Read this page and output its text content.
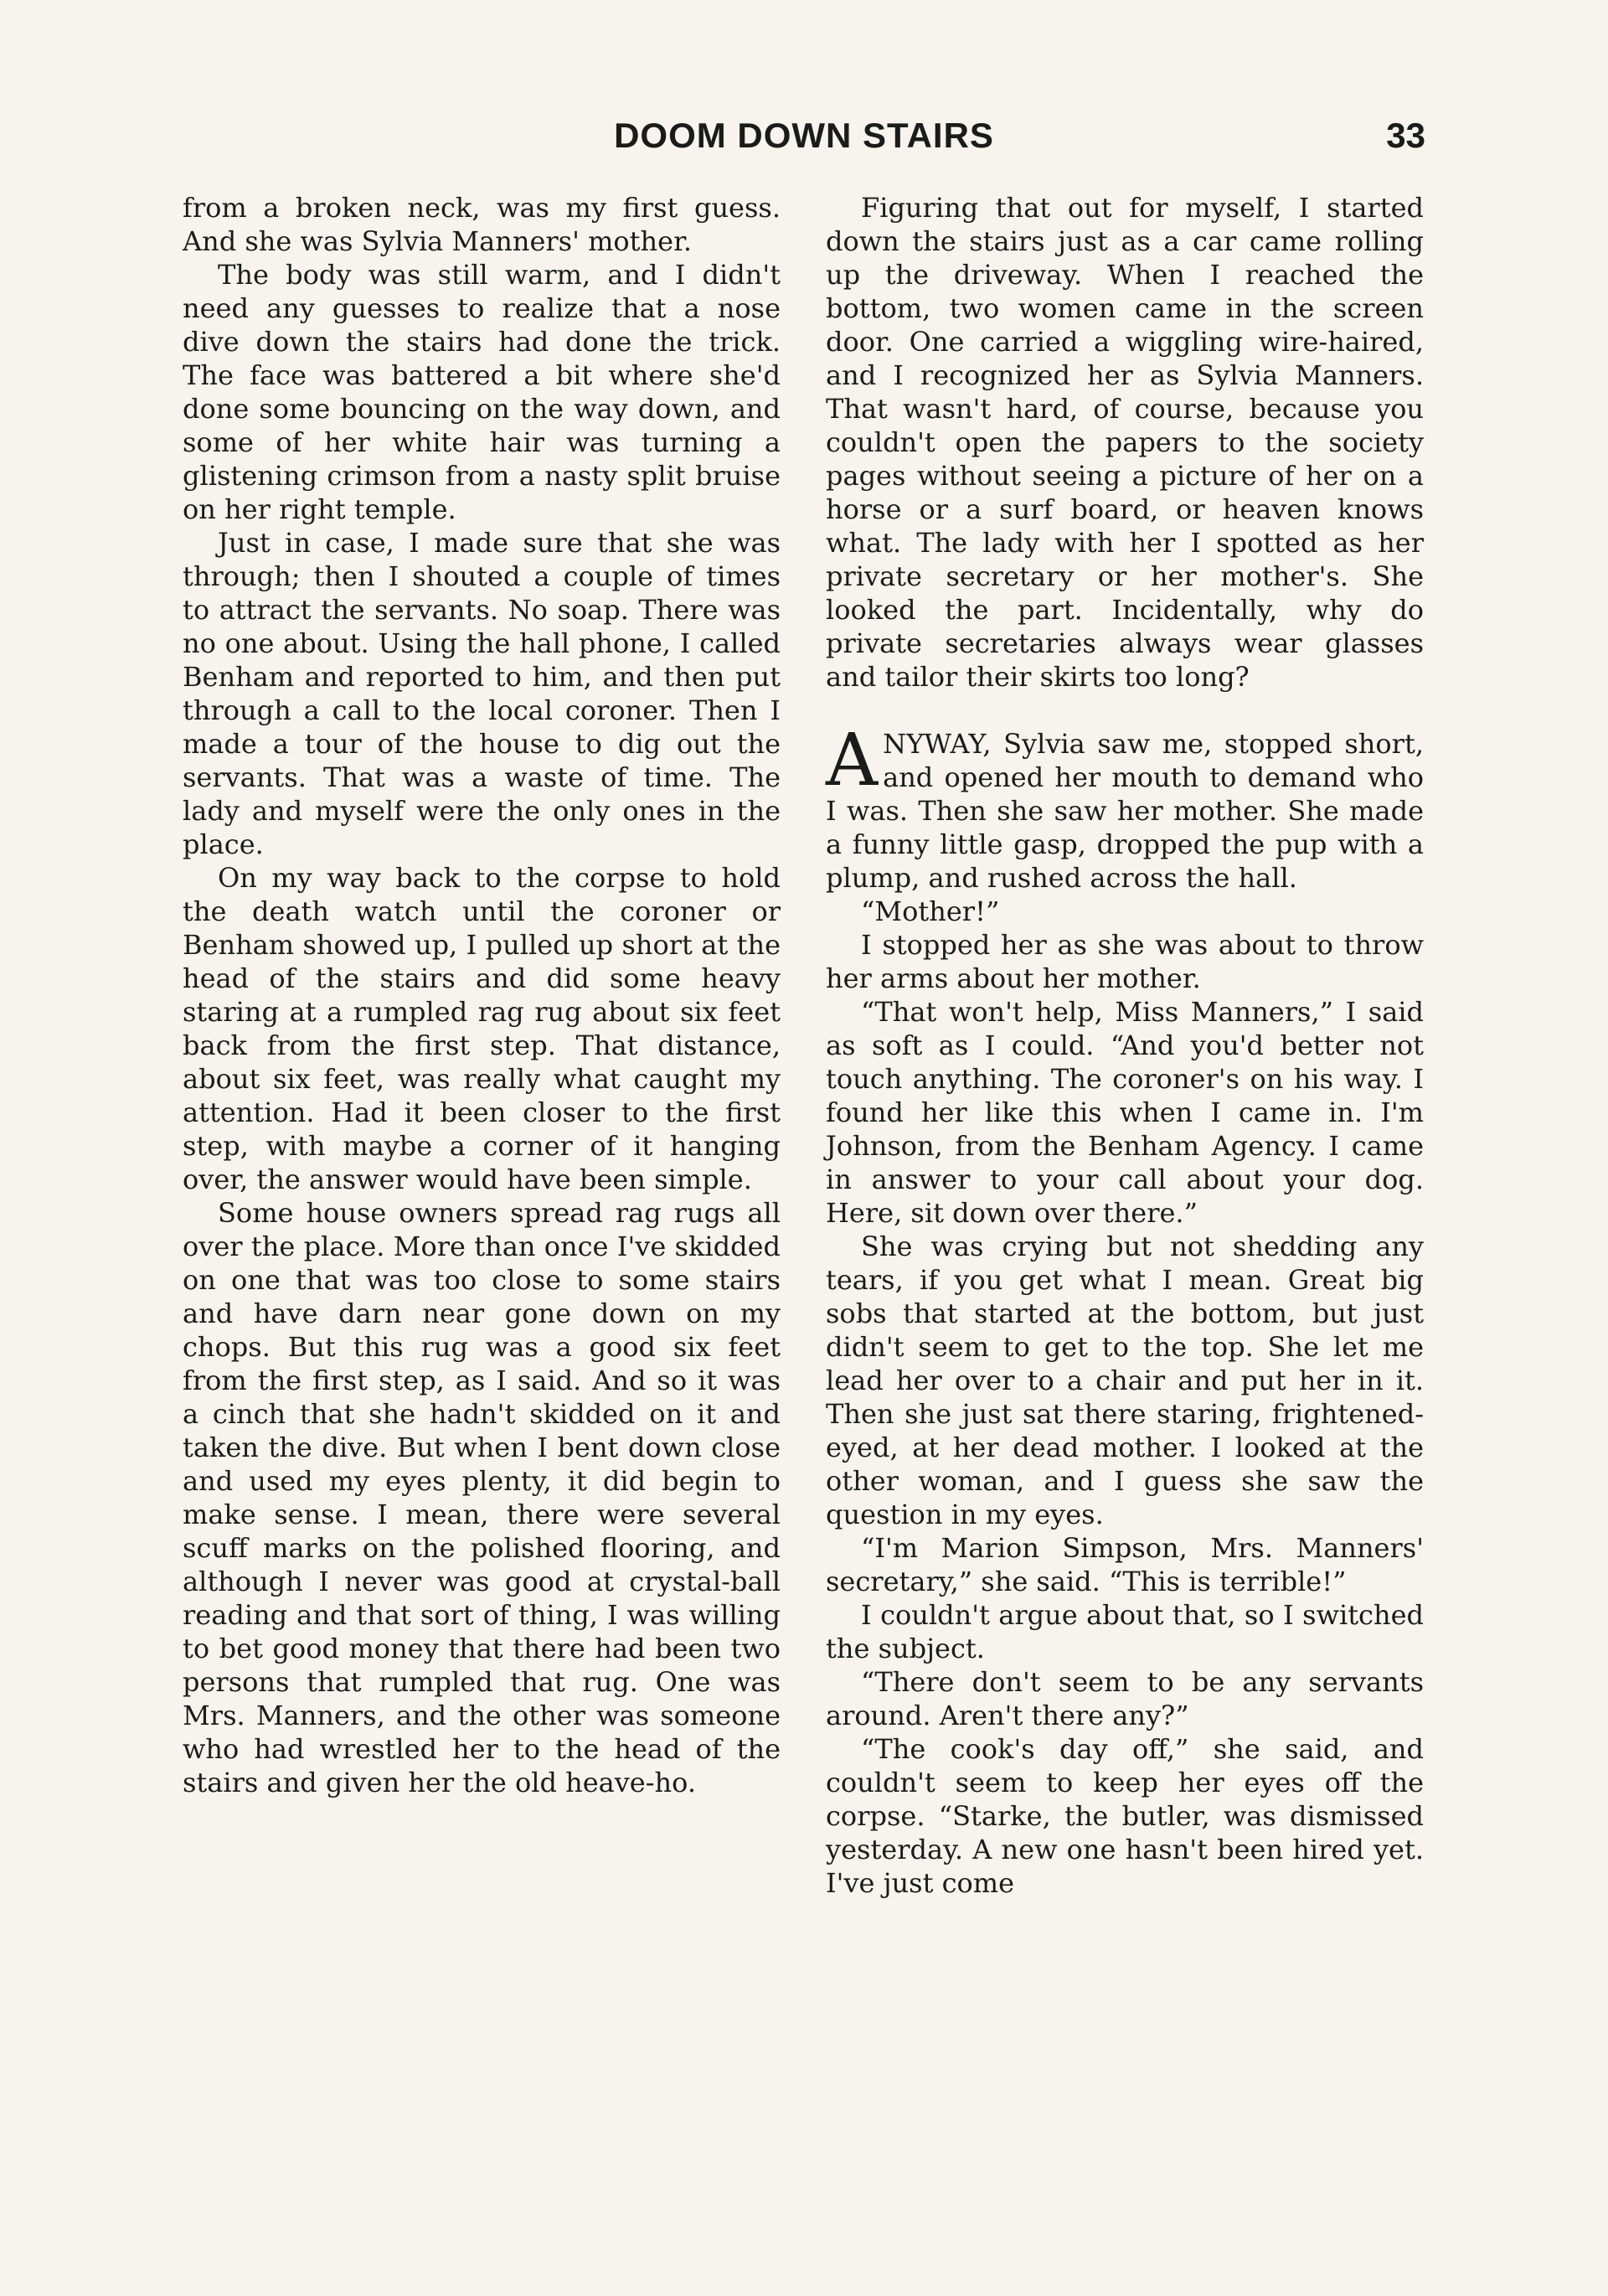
DOOM DOWN STAIRS	33

from a broken neck, was my first guess. And she was Sylvia Manners' mother.

The body was still warm, and I didn't need any guesses to realize that a nose dive down the stairs had done the trick. The face was battered a bit where she'd done some bouncing on the way down, and some of her white hair was turning a glistening crimson from a nasty split bruise on her right temple.

Just in case, I made sure that she was through; then I shouted a couple of times to attract the servants. No soap. There was no one about. Using the hall phone, I called Benham and reported to him, and then put through a call to the local coroner. Then I made a tour of the house to dig out the servants. That was a waste of time. The lady and myself were the only ones in the place.

On my way back to the corpse to hold the death watch until the coroner or Benham showed up, I pulled up short at the head of the stairs and did some heavy staring at a rumpled rag rug about six feet back from the first step. That distance, about six feet, was really what caught my attention. Had it been closer to the first step, with maybe a corner of it hanging over, the answer would have been simple.

Some house owners spread rag rugs all over the place. More than once I've skidded on one that was too close to some stairs and have darn near gone down on my chops. But this rug was a good six feet from the first step, as I said. And so it was a cinch that she hadn't skidded on it and taken the dive. But when I bent down close and used my eyes plenty, it did begin to make sense. I mean, there were several scuff marks on the polished flooring, and although I never was good at crystal-ball reading and that sort of thing, I was willing to bet good money that there had been two persons that rumpled that rug. One was Mrs. Manners, and the other was someone who had wrestled her to the head of the stairs and given her the old heave-ho.

Figuring that out for myself, I started down the stairs just as a car came rolling up the driveway. When I reached the bottom, two women came in the screen door. One carried a wiggling wire-haired, and I recognized her as Sylvia Manners. That wasn't hard, of course, because you couldn't open the papers to the society pages without seeing a picture of her on a horse or a surf board, or heaven knows what. The lady with her I spotted as her private secretary or her mother's. She looked the part. Incidentally, why do private secretaries always wear glasses and tailor their skirts too long?

ANYWAY, Sylvia saw me, stopped short, and opened her mouth to demand who I was. Then she saw her mother. She made a funny little gasp, dropped the pup with a plump, and rushed across the hall.

“Mother!”

I stopped her as she was about to throw her arms about her mother.

“That won't help, Miss Manners,” I said as soft as I could. “And you'd better not touch anything. The coroner's on his way. I found her like this when I came in. I'm Johnson, from the Benham Agency. I came in answer to your call about your dog. Here, sit down over there.”

She was crying but not shedding any tears, if you get what I mean. Great big sobs that started at the bottom, but just didn't seem to get to the top. She let me lead her over to a chair and put her in it. Then she just sat there staring, frightened-eyed, at her dead mother. I looked at the other woman, and I guess she saw the question in my eyes.

“I'm Marion Simpson, Mrs. Manners' secretary,” she said. “This is terrible!”

I couldn't argue about that, so I switched the subject.

“There don't seem to be any servants around. Aren't there any?”

“The cook's day off,” she said, and couldn't seem to keep her eyes off the corpse. “Starke, the butler, was dismissed yesterday. A new one hasn't been hired yet. I've just come
